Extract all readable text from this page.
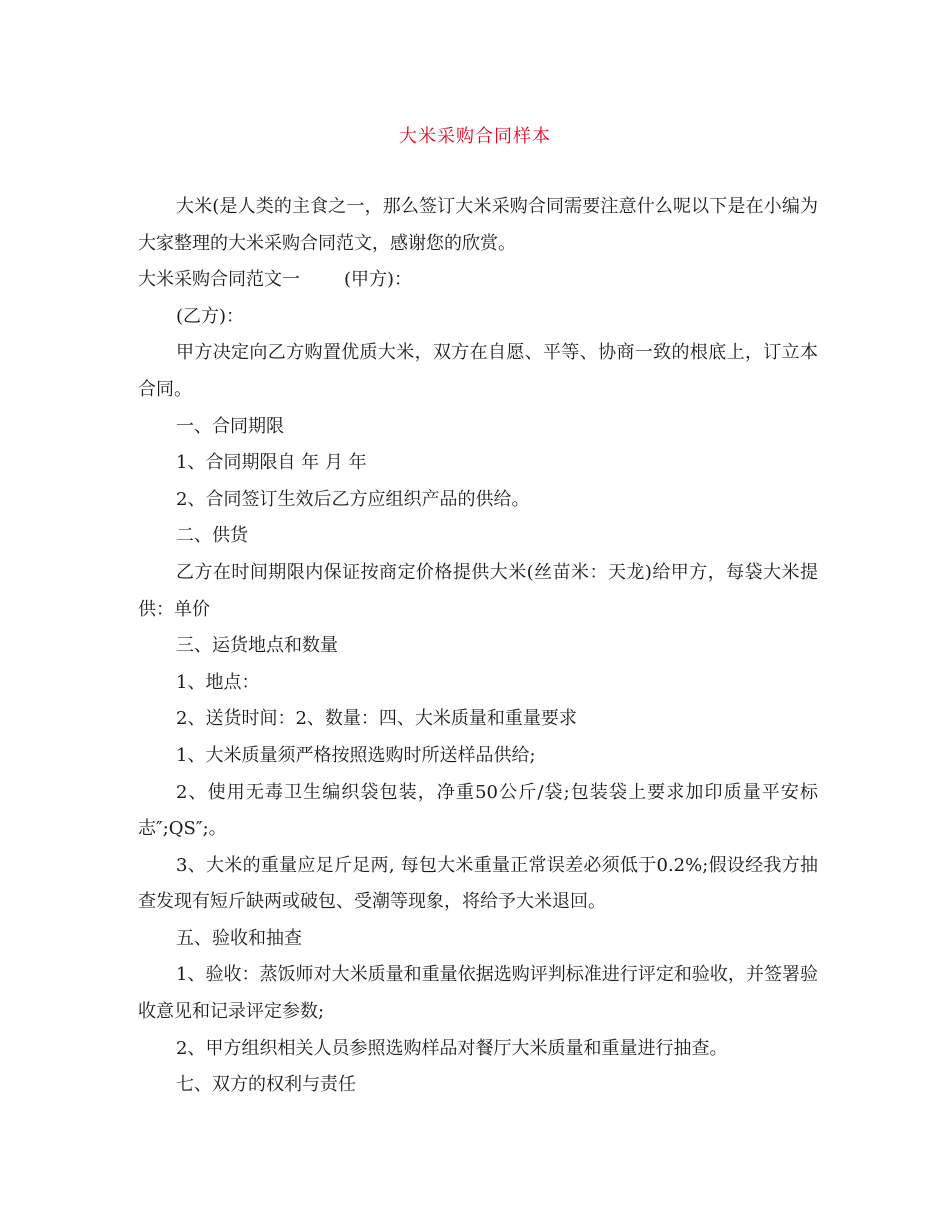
大米采购合同样本

大米(是人类的主食之一，那么签订大米采购合同需要注意什么呢以下是在小编为大家整理的大米采购合同范文，感谢您的欣赏。

大米采购合同范文一 (甲方)：

(乙方)：

甲方决定向乙方购置优质大米，双方在自愿、平等、协商一致的根底上，订立本合同。

一、合同期限

1、合同期限自 年 月 年

2、合同签订生效后乙方应组织产品的供给。

二、供货

乙方在时间期限内保证按商定价格提供大米(丝苗米：天龙)给甲方，每袋大米提供：单价

三、运货地点和数量

1、地点：

2、送货时间：2、数量：四、大米质量和重量要求

1、大米质量须严格按照选购时所送样品供给;

2、使用无毒卫生编织袋包装，净重50公斤/袋;包装袋上要求加印质量平安标志″;QS″;。

3、大米的重量应足斤足两, 每包大米重量正常误差必须低于0.2%;假设经我方抽查发现有短斤缺两或破包、受潮等现象，将给予大米退回。

五、验收和抽查

1、验收：蒸饭师对大米质量和重量依据选购评判标准进行评定和验收，并签署验收意见和记录评定参数;

2、甲方组织相关人员参照选购样品对餐厅大米质量和重量进行抽查。

七、双方的权利与责任
